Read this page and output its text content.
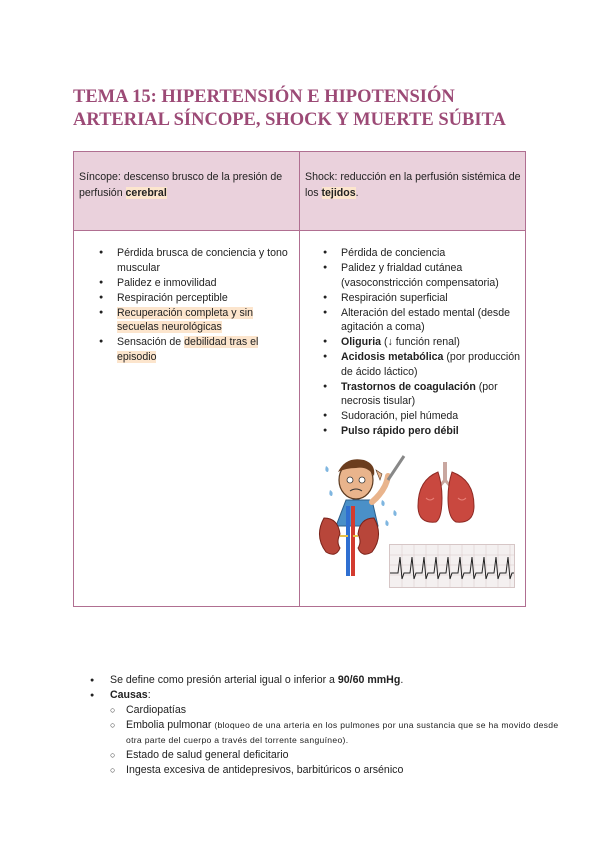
TEMA 15: HIPERTENSIÓN E HIPOTENSIÓN ARTERIAL SÍNCOPE, SHOCK Y MUERTE SÚBITA
Síncope: descenso brusco de la presión de perfusión cerebral
Shock: reducción en la perfusión sistémica de los tejidos.
● Pérdida brusca de conciencia y tono muscular
● Palidez e inmovilidad
● Respiración perceptible
● Recuperación completa y sin secuelas neurológicas
● Sensación de debilidad tras el episodio
● Pérdida de conciencia
● Palidez y frialdad cutánea (vasoconstricción compensatoria)
● Respiración superficial
● Alteración del estado mental (desde agitación a coma)
● Oliguria (↓ función renal)
● Acidosis metabólica (por producción de ácido láctico)
● Trastornos de coagulación (por necrosis tisular)
● Sudoración, piel húmeda
● Pulso rápido pero débil
● Se define como presión arterial igual o inferior a 90/60 mmHg.
● Causas:
○ Cardiopatías
○ Embolia pulmonar (bloqueo de una arteria en los pulmones por una sustancia que se ha movido desde otra parte del cuerpo a través del torrente sanguíneo).
○ Estado de salud general deficitario
○ Ingesta excesiva de antidepresivos, barbitúricos o arsénico
